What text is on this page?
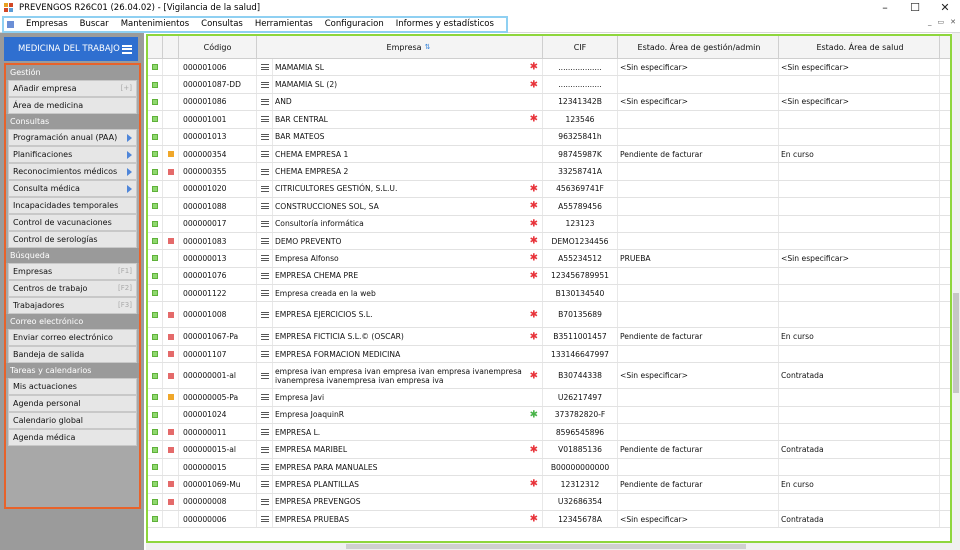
PREVENGOS R26C01 (26.04.02) - [Vigilancia de la salud]	–	☐	✕
Empresas	Buscar	Mantenimientos	Consultas	Herramientas	Configuracion	Informes y estadísticos	_ ▭ ✕
MEDICINA DEL TRABAJO
Gestión
Añadir empresa	[+]
Área de medicina
Consultas
Programación anual (PAA)
Planificaciones
Reconocimientos médicos
Consulta médica
Incapacidades temporales
Control de vacunaciones
Control de serologías
Búsqueda
Empresas	[F1]
Centros de trabajo	[F2]
Trabajadores	[F3]
Correo electrónico
Enviar correo electrónico
Bandeja de salida
Tareas y calendarios
Mis actuaciones
Agenda personal
Calendario global
Agenda médica
Código	Empresa ⇅	CIF	Estado. Área de gestión/admin	Estado. Área de salud
000001006	MAMAMIA SL	✱	..................	<Sin especificar>	<Sin especificar>
000001087-DD	MAMAMIA SL (2)	✱	..................
000001086	AND	12341342B	<Sin especificar>	<Sin especificar>
000001001	BAR CENTRAL	✱	123546
000001013	BAR MATEOS	96325841h
000000354	CHEMA EMPRESA 1	98745987K	Pendiente de facturar	En curso
000000355	CHEMA EMPRESA 2	33258741A
000001020	CITRICULTORES GESTIÓN, S.L.U.	✱	456369741F
000001088	CONSTRUCCIONES SOL, SA	✱	A55789456
000000017	Consultoría informática	✱	123123
000001083	DEMO PREVENTO	✱	DEMO1234456
000000013	Empresa Alfonso	✱	A55234512	PRUEBA	<Sin especificar>
000001076	EMPRESA CHEMA PRE	✱	123456789951
000001122	Empresa creada en la web	B130134540
000001008	EMPRESA EJERCICIOS S.L.	✱	B70135689
000001067-Pa	EMPRESA FICTICIA S.L.© (OSCAR)	✱	B3511001457	Pendiente de facturar	En curso
000001107	EMPRESA FORMACION MEDICINA	133146647997
000000001-al	empresa ivan empresa ivan empresa ivan empresa ivanempresa ivanempresa ivanempresa ivan empresa iva	✱	B30744338	<Sin especificar>	Contratada
000000005-Pa	Empresa Javi	U26217497
000001024	Empresa JoaquinR	✱	373782820-F
000000011	EMPRESA L.	8596545896
000000015-al	EMPRESA MARIBEL	✱	V01885136	Pendiente de facturar	Contratada
000000015	EMPRESA PARA MANUALES	B00000000000
000001069-Mu	EMPRESA PLANTILLAS	✱	12312312	Pendiente de facturar	En curso
000000008	EMPRESA PREVENGOS	U32686354
000000006	EMPRESA PRUEBAS	✱	12345678A	<Sin especificar>	Contratada
